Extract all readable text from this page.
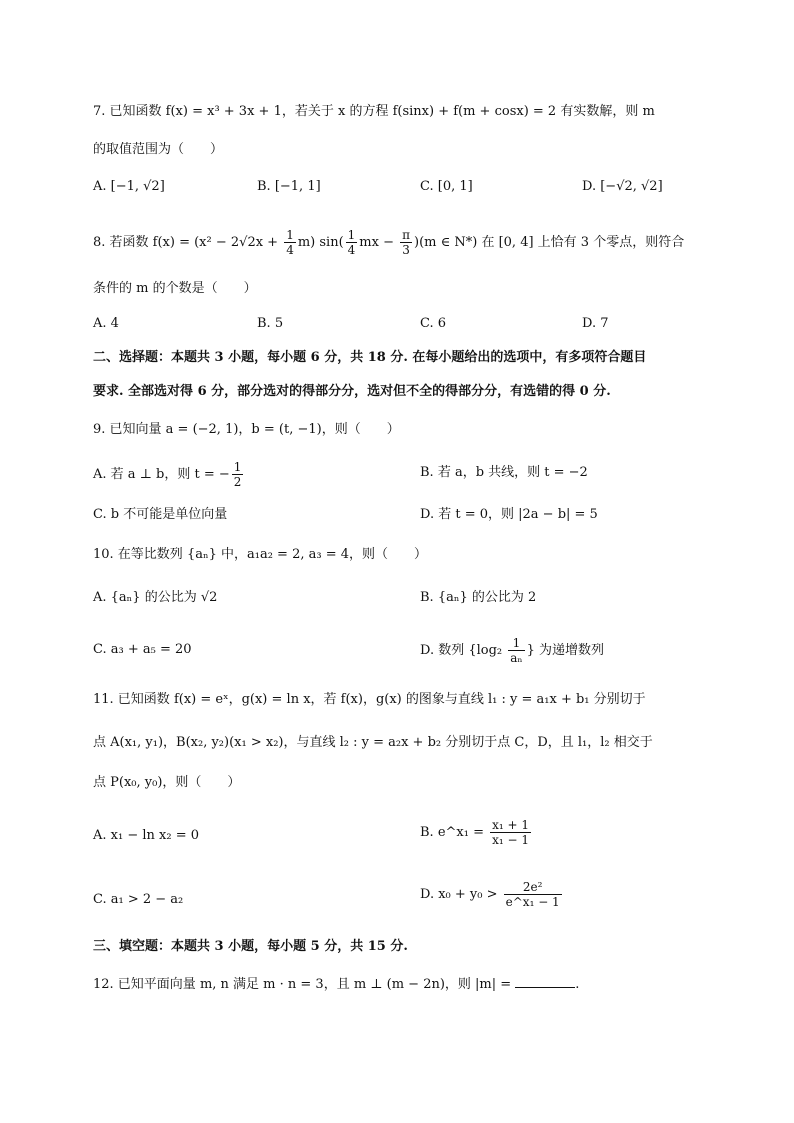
7. 已知函数 f(x) = x³ + 3x + 1，若关于 x 的方程 f(sinx) + f(m + cosx) = 2 有实数解，则 m
的取值范围为（　　）
A. [−1, √2]	B. [−1, 1]	C. [0, 1]	D. [−√2, √2]
8. 若函数 $f(x) = (x^2 - 2√2x + \frac{1}{4} m)$ $\sin( \frac{1}{4}$ mx − $\frac{\pi}{3} )(m$ ∈ N*) 在 [0, 4] 上恰有 3 个零点，则符合
条件的 m 的个数是（　　）
A. 4	B. 5	C. 6	D. 7
二、选择题：本题共 3 小题，每小题 6 分，共 18 分. 在每小题给出的选项中，有多项符合题目
要求. 全部选对得 6 分，部分选对的得部分分，选对但不全的得部分分，有选错的得 0 分.
9. 已知向量 a = (−2, 1)，b = (t, −1)，则（　　）
A. 若 a ⊥ b，则 t = − $\frac{1}{2}$	B. 若 a，b 共线，则 t = −2
C. b 不可能是单位向量	D. 若 t = 0，则 |2a − b| = 5
10. 在等比数列 {aₙ} 中，a₁a₂ = 2, a₃ = 4，则（　　）
A. {aₙ} 的公比为 √2	B. {aₙ} 的公比为 2
C. a₃ + a₅ = 20	D. 数列 {$\log_2 \frac{1}{\text{aₙ}}$ } 为递增数列
11. 已知函数 f(x) = eˣ，g(x) = ln x，若 f(x)，g(x) 的图象与直线 l₁ : y = a₁x + b₁ 分别切于
点 A(x₁, y₁)，B(x₂, y₂)(x₁ > x₂)，与直线 l₂ : y = a₂x + b₂ 分别切于点 C，D，且 l₁，l₂ 相交于
点 P(x₀, y₀)，则（　　）
A. x₁ − ln x₂ = 0	B. e^x₁ = $\frac{\text{x₁ + 1}}{\text{x₁ − 1}}$
C. a₁ > 2 − a₂	D. $x_0 + y_0 > \frac{\text{2e²}}{\text{e\textasciicircum{}x₁ − 1}}$
三、填空题：本题共 3 小题，每小题 5 分，共 15 分.
12. 已知平面向量 m, n 满足 m · n = 3，且 m ⊥ (m − 2n)，则 |m| =	.
